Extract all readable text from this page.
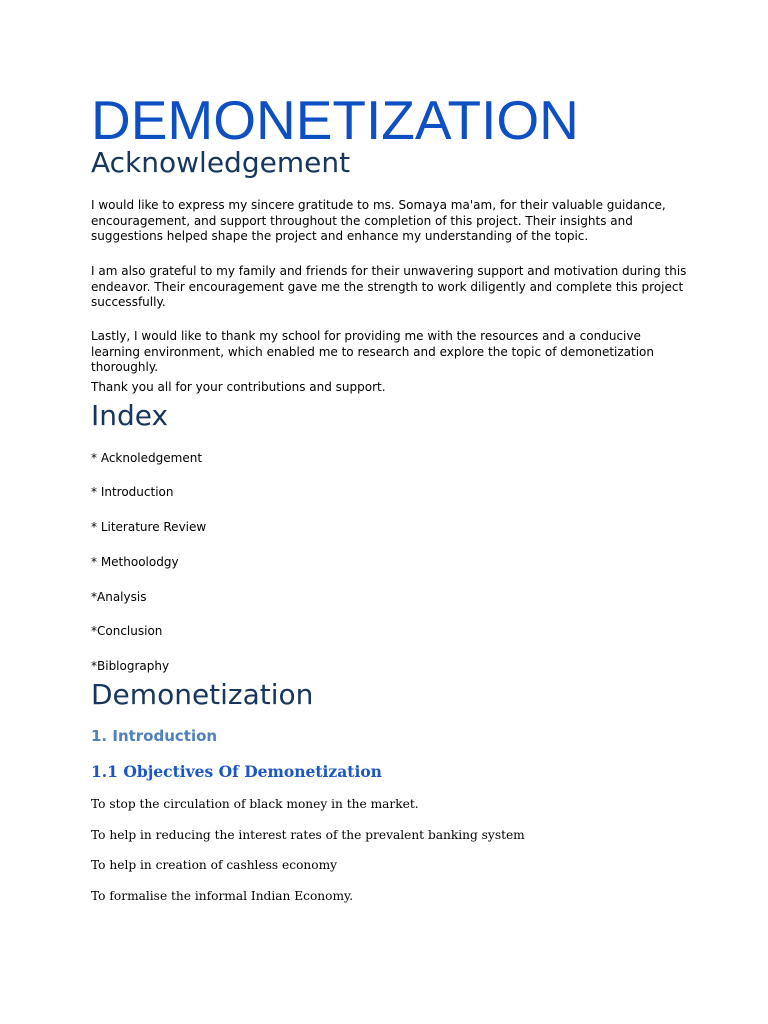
DEMONETIZATION
Acknowledgement

I would like to express my sincere gratitude to ms. Somaya ma'am, for their valuable guidance, encouragement, and support throughout the completion of this project. Their insights and suggestions helped shape the project and enhance my understanding of the topic.

I am also grateful to my family and friends for their unwavering support and motivation during this endeavor. Their encouragement gave me the strength to work diligently and complete this project successfully.

Lastly, I would like to thank my school for providing me with the resources and a conducive learning environment, which enabled me to research and explore the topic of demonetization thoroughly.

Thank you all for your contributions and support.

Index
* Acknoledgement
* Introduction
* Literature Review
* Methoolodgy
*Analysis
*Conclusion
*Biblography
Demonetization
1. Introduction
1.1 Objectives Of Demonetization

To stop the circulation of black money in the market.

To help in reducing the interest rates of the prevalent banking system

To help in creation of cashless economy

To formalise the informal Indian Economy.
